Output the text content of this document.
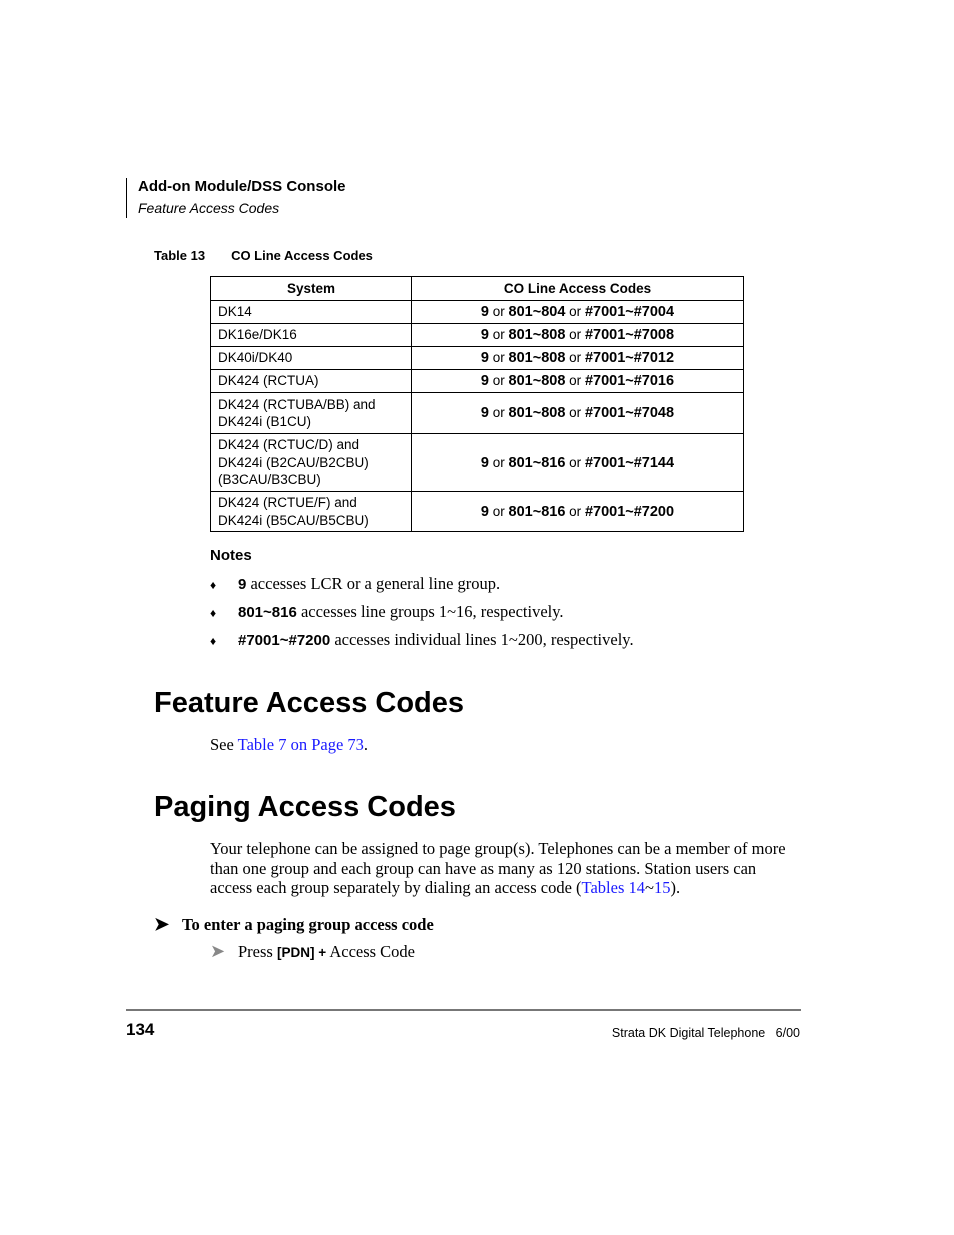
Add-on Module/DSS Console
Feature Access Codes
Table 13 CO Line Access Codes
System	CO Line Access Codes

DK14	9 or 801~804 or #7001~#7004

DK16e/DK16	9 or 801~808 or #7001~#7008

DK40i/DK40	9 or 801~808 or #7001~#7012

DK424 (RCTUA)	9 or 801~808 or #7001~#7016

DK424 (RCTUBA/BB) and
DK424i (B1CU)	9 or 801~808 or #7001~#7048

DK424 (RCTUC/D) and
DK424i (B2CAU/B2CBU)
(B3CAU/B3CBU)	9 or 801~816 or #7001~#7144

DK424 (RCTUE/F) and
DK424i (B5CAU/B5CBU)	9 or 801~816 or #7001~#7200
Notes
♦ 9 accesses LCR or a general line group.
♦ 801~816 accesses line groups 1~16, respectively.
♦ #7001~#7200 accesses individual lines 1~200, respectively.
Feature Access Codes
See Table 7 on Page 73.
Paging Access Codes
Your telephone can be assigned to page group(s). Telephones can be a member of more than one group and each group can have as many as 120 stations. Station users can access each group separately by dialing an access code (Tables 14~15).
➤ To enter a paging group access code
➤ Press [PDN] + Access Code
134	Strata DK Digital Telephone   6/00
